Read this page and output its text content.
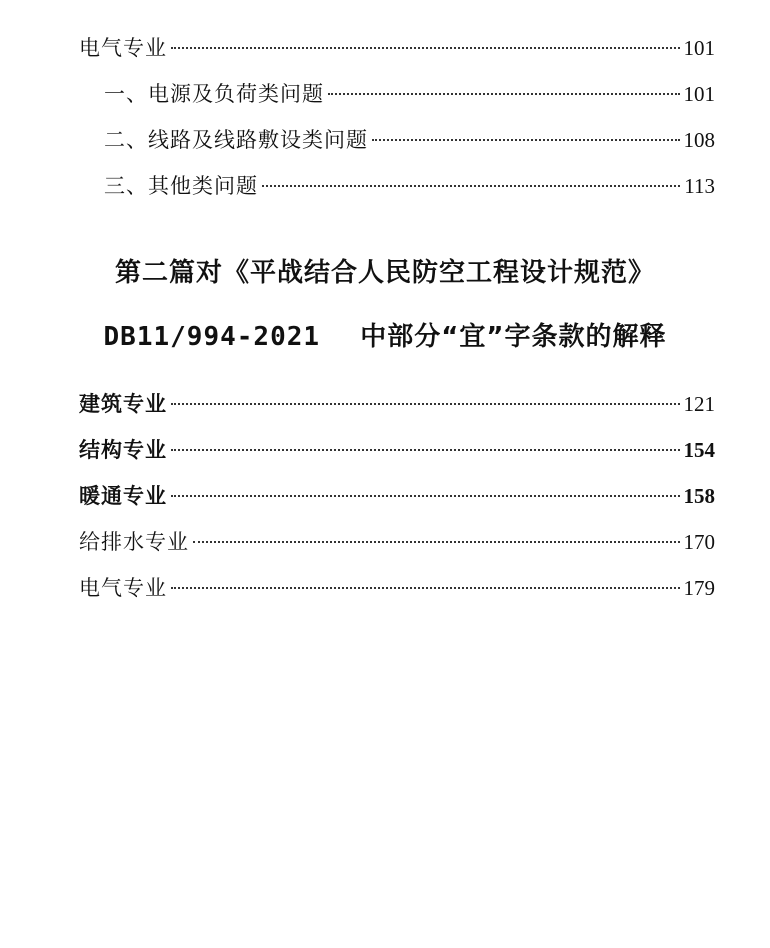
电气专业	101
一、电源及负荷类问题	101
二、线路及线路敷设类问题	108
三、其他类问题	113
第二篇对《平战结合人民防空工程设计规范》
DB11/994-2021 中部分“宜”字条款的解释
建筑专业	121
结构专业	154
暖通专业	158
给排水专业	170
电气专业	179
